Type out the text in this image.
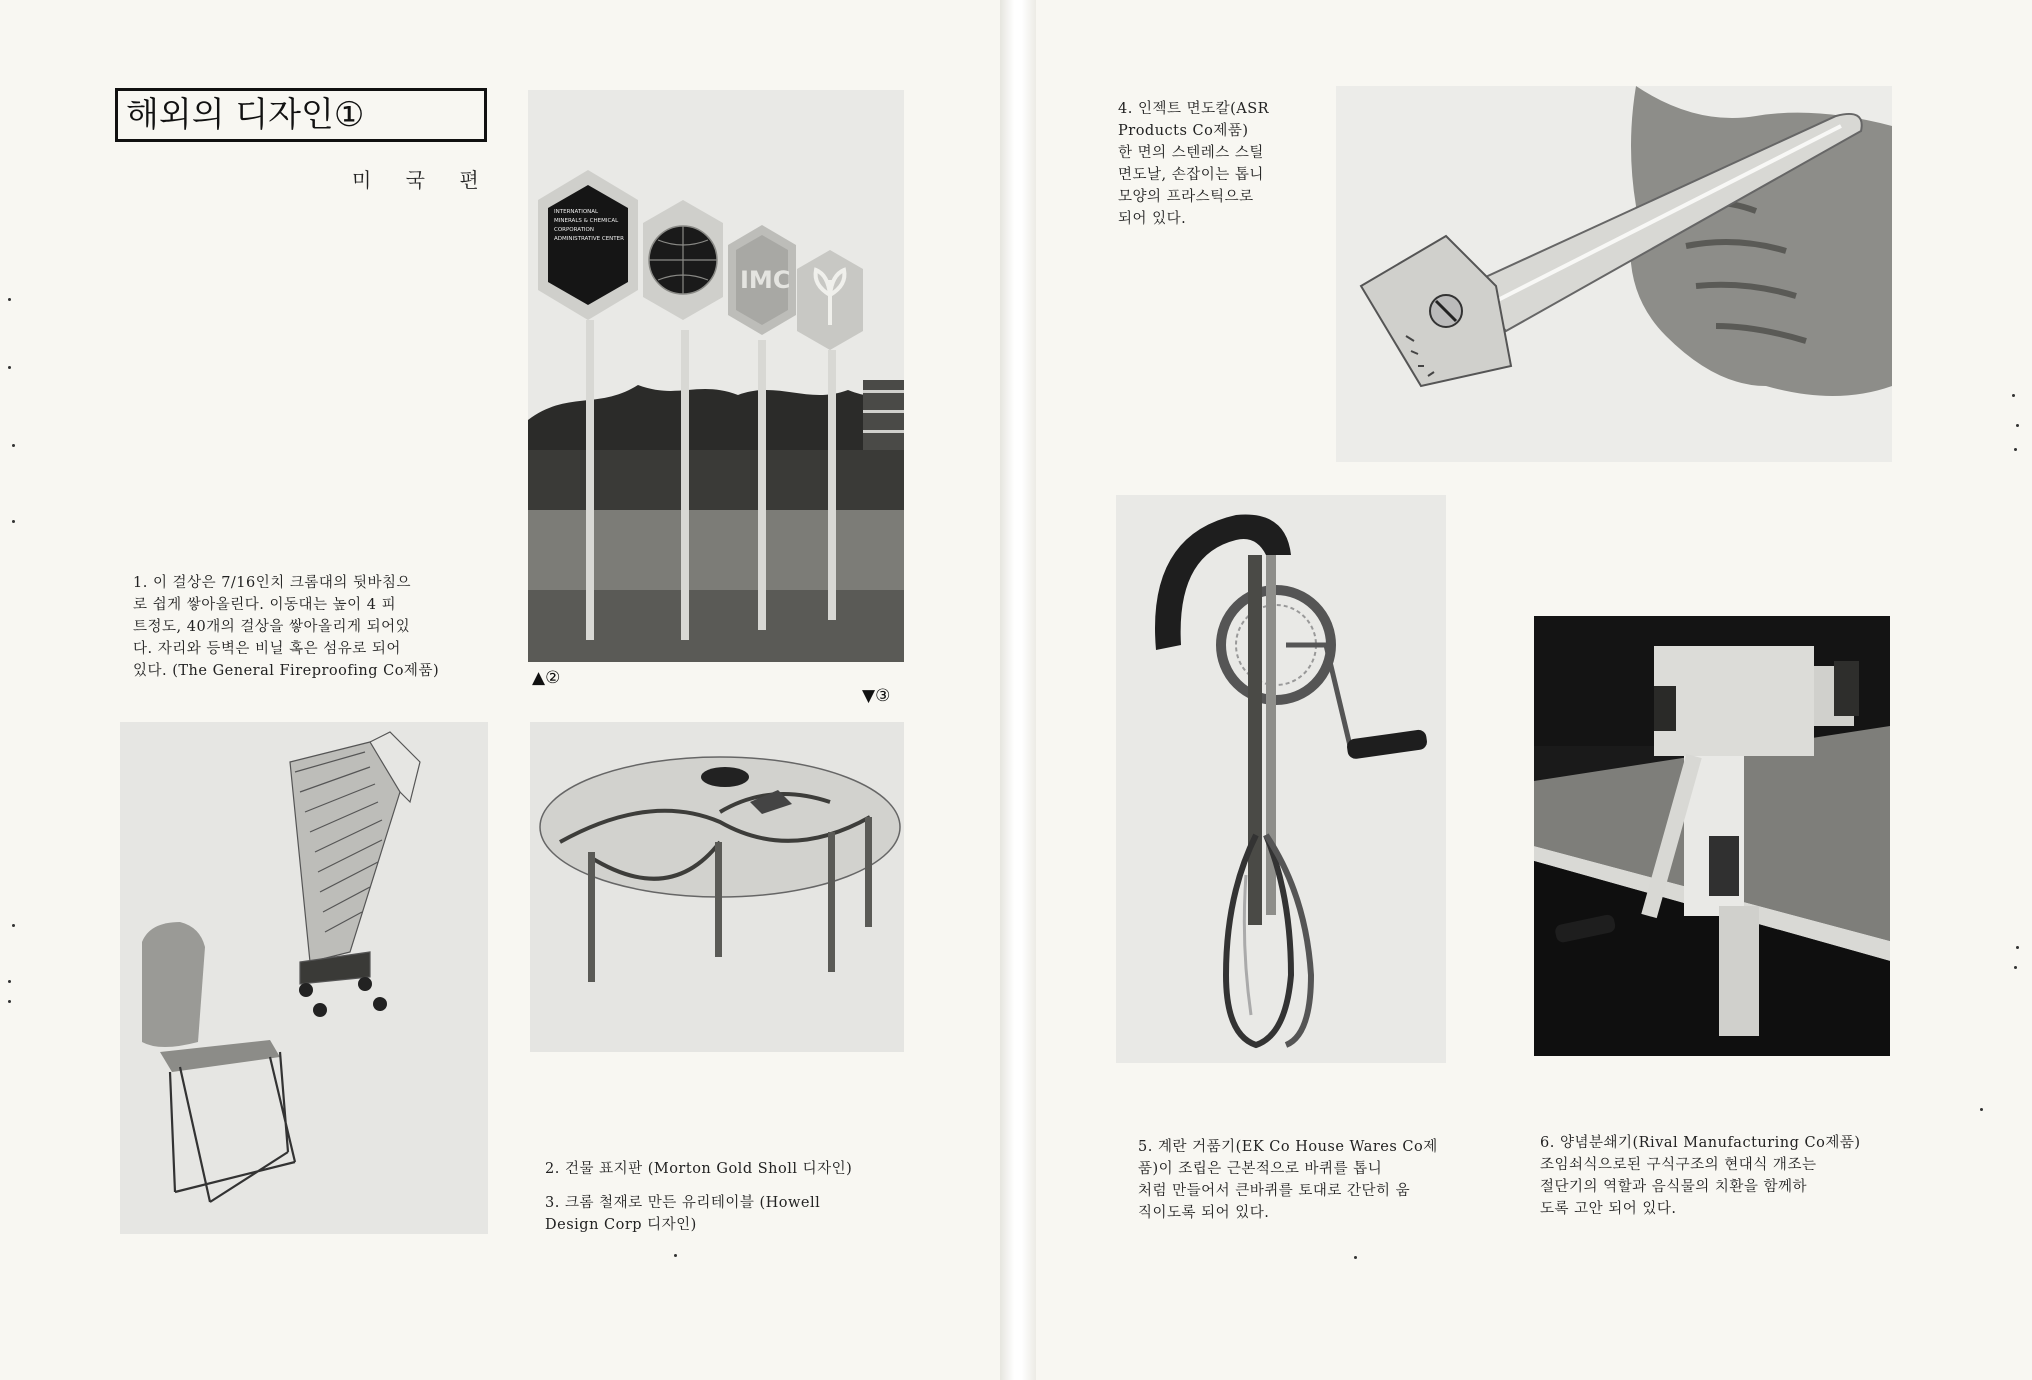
해외의 디자인①
미 국 편
INTERNATIONAL MINERALS & CHEMICAL CORPORATION ADMINISTRATIVE CENTER
IMC
1. 이 걸상은 7/16인치 크롬대의 뒷바침으
로 쉽게 쌓아올린다. 이동대는 높이 4 피
트정도, 40개의 걸상을 쌓아올리게 되어있
다. 자리와 등벽은 비닐 혹은 섬유로 되어
있다. (The General Fireproofing Co제품)	▲②
▼③
2. 건물 표지판 (Morton Gold Sholl 디자인)
3. 크롬 철재로 만든 유리테이블 (Howell
Design Corp 디자인)
4. 인젝트 면도칼(ASR
Products Co제품)
한 면의 스텐레스 스틸
면도날, 손잡이는 톱니
모양의 프라스틱으로
되어 있다.
5. 계란 거품기(EK Co House Wares Co제
품)이 조립은 근본적으로 바퀴를 톱니
처럼 만들어서 큰바퀴를 토대로 간단히 움
직이도록 되어 있다.
6. 양념분쇄기(Rival Manufacturing Co제품)
조임쇠식으로된 구식구조의 현대식 개조는
절단기의 역할과 음식물의 치환을 함께하
도록 고안 되어 있다.
